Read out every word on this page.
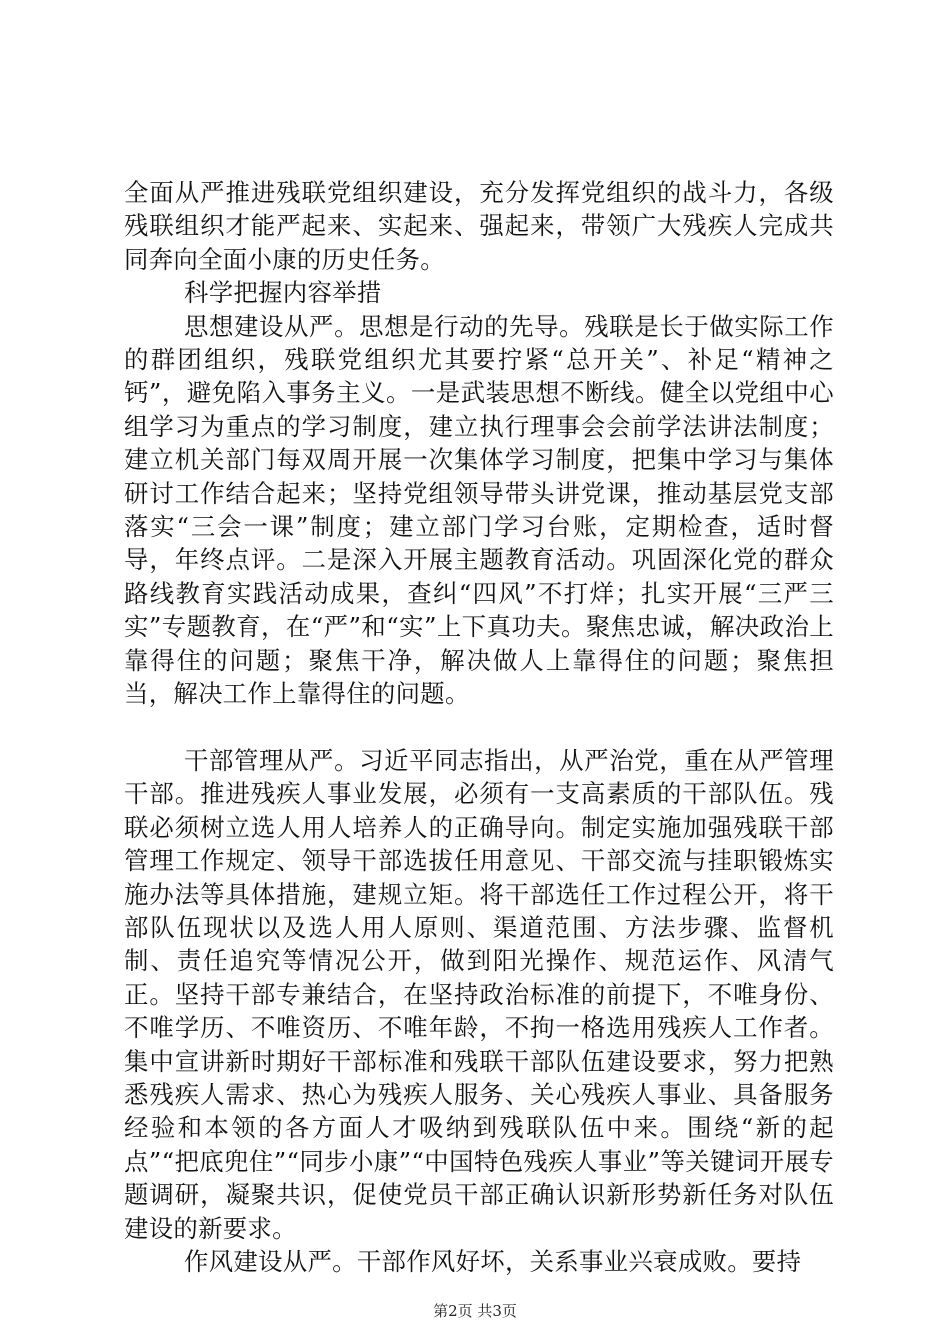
全面从严推进残联党组织建设，充分发挥党组织的战斗力，各级残联组织才能严起来、实起来、强起来，带领广大残疾人完成共同奔向全面小康的历史任务。

科学把握内容举措

思想建设从严。思想是行动的先导。残联是长于做实际工作的群团组织，残联党组织尤其要拧紧“总开关”、补足“精神之钙”，避免陷入事务主义。一是武装思想不断线。健全以党组中心组学习为重点的学习制度，建立执行理事会会前学法讲法制度；建立机关部门每双周开展一次集体学习制度，把集中学习与集体研讨工作结合起来；坚持党组领导带头讲党课，推动基层党支部落实“三会一课”制度；建立部门学习台账，定期检查，适时督导，年终点评。二是深入开展主题教育活动。巩固深化党的群众路线教育实践活动成果，查纠“四风”不打烊；扎实开展“三严三实”专题教育，在“严”和“实”上下真功夫。聚焦忠诚，解决政治上靠得住的问题；聚焦干净，解决做人上靠得住的问题；聚焦担当，解决工作上靠得住的问题。

干部管理从严。习近平同志指出，从严治党，重在从严管理干部。推进残疾人事业发展，必须有一支高素质的干部队伍。残联必须树立选人用人培养人的正确导向。制定实施加强残联干部管理工作规定、领导干部选拔任用意见、干部交流与挂职锻炼实施办法等具体措施，建规立矩。将干部选任工作过程公开，将干部队伍现状以及选人用人原则、渠道范围、方法步骤、监督机制、责任追究等情况公开，做到阳光操作、规范运作、风清气正。坚持干部专兼结合，在坚持政治标准的前提下，不唯身份、不唯学历、不唯资历、不唯年龄，不拘一格选用残疾人工作者。集中宣讲新时期好干部标准和残联干部队伍建设要求，努力把熟悉残疾人需求、热心为残疾人服务、关心残疾人事业、具备服务经验和本领的各方面人才吸纳到残联队伍中来。围绕“新的起点”“把底兜住”“同步小康”“中国特色残疾人事业”等关键词开展专题调研，凝聚共识，促使党员干部正确认识新形势新任务对队伍建设的新要求。

作风建设从严。干部作风好坏，关系事业兴衰成败。要持

第2页 共3页
